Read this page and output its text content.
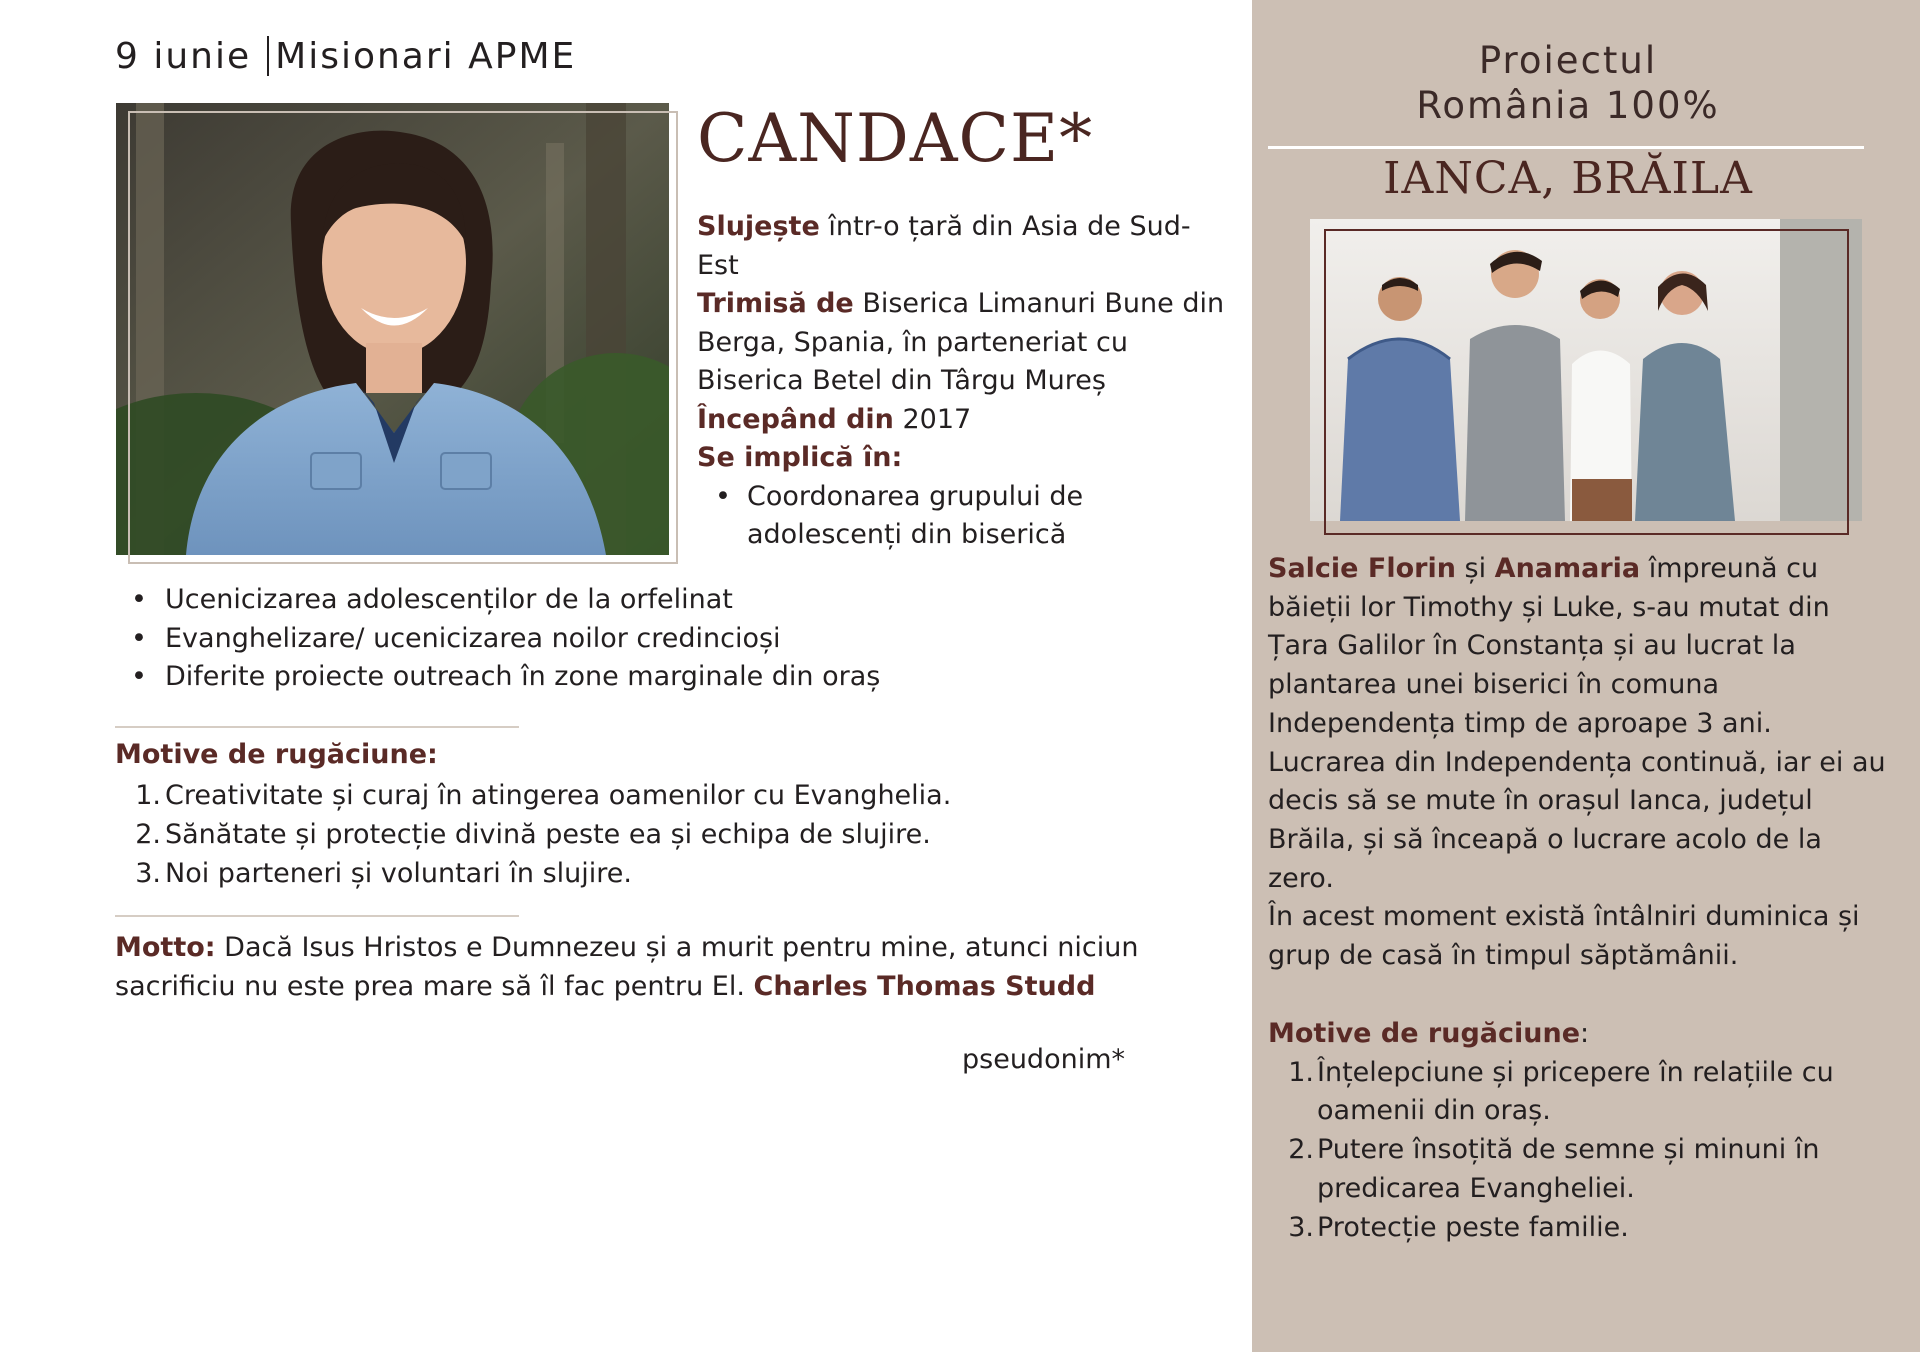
9 iunie Misionari APME
CANDACE*

Slujește într-o țară din Asia de Sud-Est

Trimisă de Biserica Limanuri Bune din Berga, Spania, în parteneriat cu Biserica Betel din Târgu Mureș

Începând din 2017

Se implică în:

• Coordonarea grupului de adolescenți din biserică
• Ucenicizarea adolescenților de la orfelinat
• Evanghelizare/ ucenicizarea noilor credincioși
• Diferite proiecte outreach în zone marginale din oraș

Motive de rugăciune:

1. Creativitate și curaj în atingerea oamenilor cu Evanghelia.
2. Sănătate și protecție divină peste ea și echipa de slujire.
3. Noi parteneri și voluntari în slujire.
Motto: Dacă Isus Hristos e Dumnezeu și a murit pentru mine, atunci niciun sacrificiu nu este prea mare să îl fac pentru El. Charles Thomas Studd
pseudonim*
Proiectul
România 100%
IANCA, BRĂILA

Salcie Florin și Anamaria împreună cu băieții lor Timothy și Luke, s-au mutat din Țara Galilor în Constanța și au lucrat la plantarea unei biserici în comuna Independența timp de aproape 3 ani. Lucrarea din Independența continuă, iar ei au decis să se mute în orașul Ianca, județul Brăila, și să înceapă o lucrare acolo de la zero.

În acest moment există întâlniri duminica și grup de casă în timpul săptămânii.

Motive de rugăciune:

1. Înțelepciune și pricepere în relațiile cu oamenii din oraș.
2. Putere însoțită de semne și minuni în predicarea Evangheliei.
3. Protecție peste familie.
